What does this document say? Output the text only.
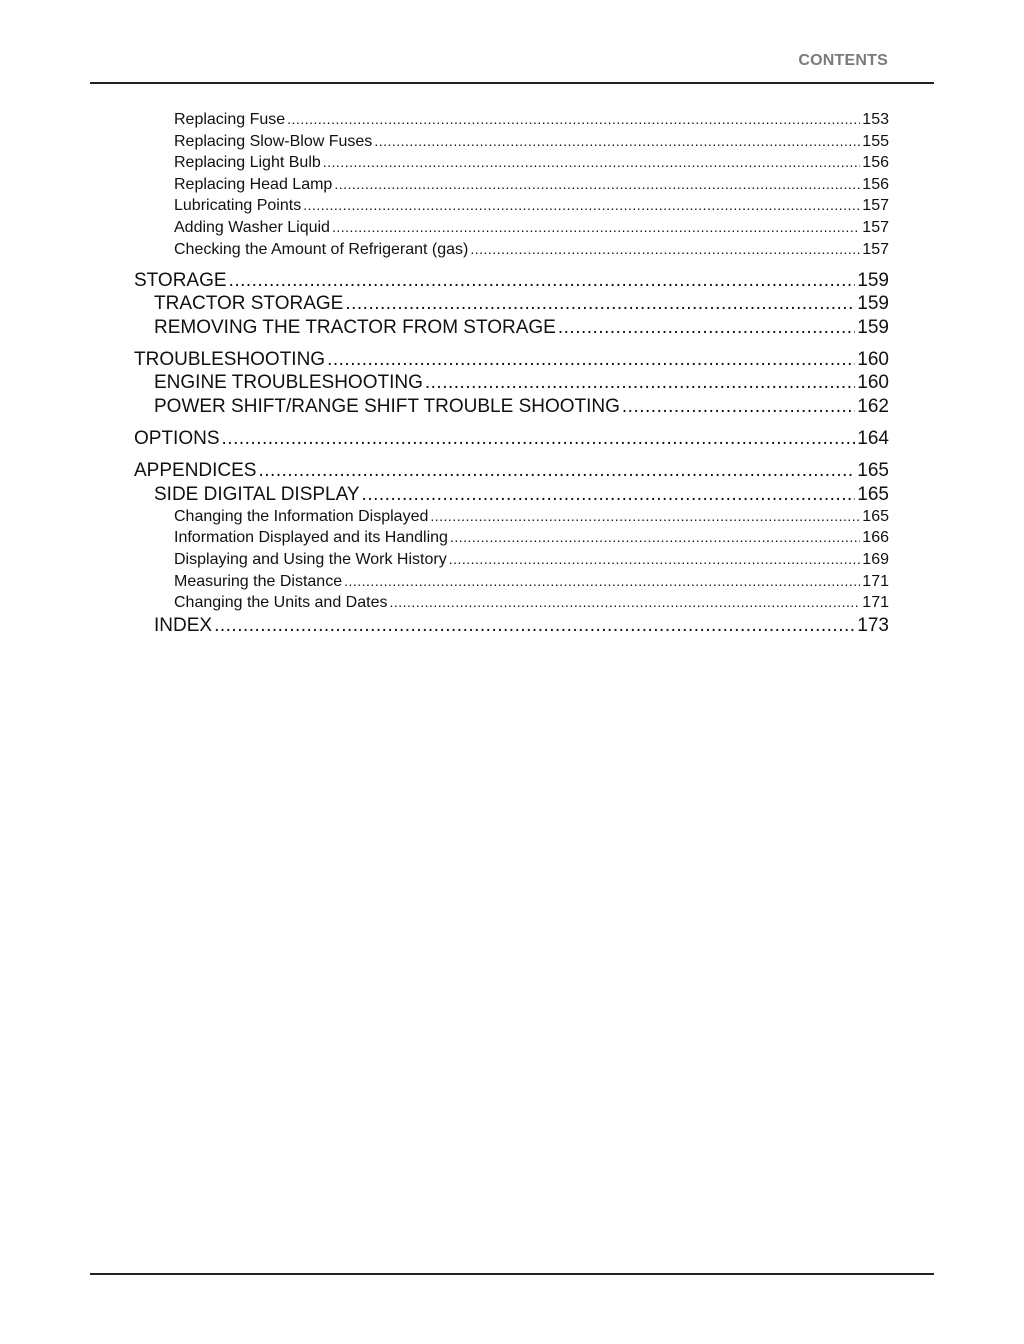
CONTENTS
Replacing Fuse .....	153
Replacing Slow-Blow Fuses .....	155
Replacing Light Bulb .....	156
Replacing Head Lamp .....	156
Lubricating Points .....	157
Adding Washer Liquid .....	157
Checking the Amount of Refrigerant (gas) .....	157
STORAGE .....	159
TRACTOR STORAGE .....	159
REMOVING THE TRACTOR FROM STORAGE .....	159
TROUBLESHOOTING .....	160
ENGINE TROUBLESHOOTING .....	160
POWER SHIFT/RANGE SHIFT TROUBLE SHOOTING .....	162
OPTIONS .....	164
APPENDICES .....	165
SIDE DIGITAL DISPLAY .....	165
Changing the Information Displayed .....	165
Information Displayed and its Handling .....	166
Displaying and Using the Work History .....	169
Measuring the Distance .....	171
Changing the Units and Dates .....	171
INDEX .....	173
